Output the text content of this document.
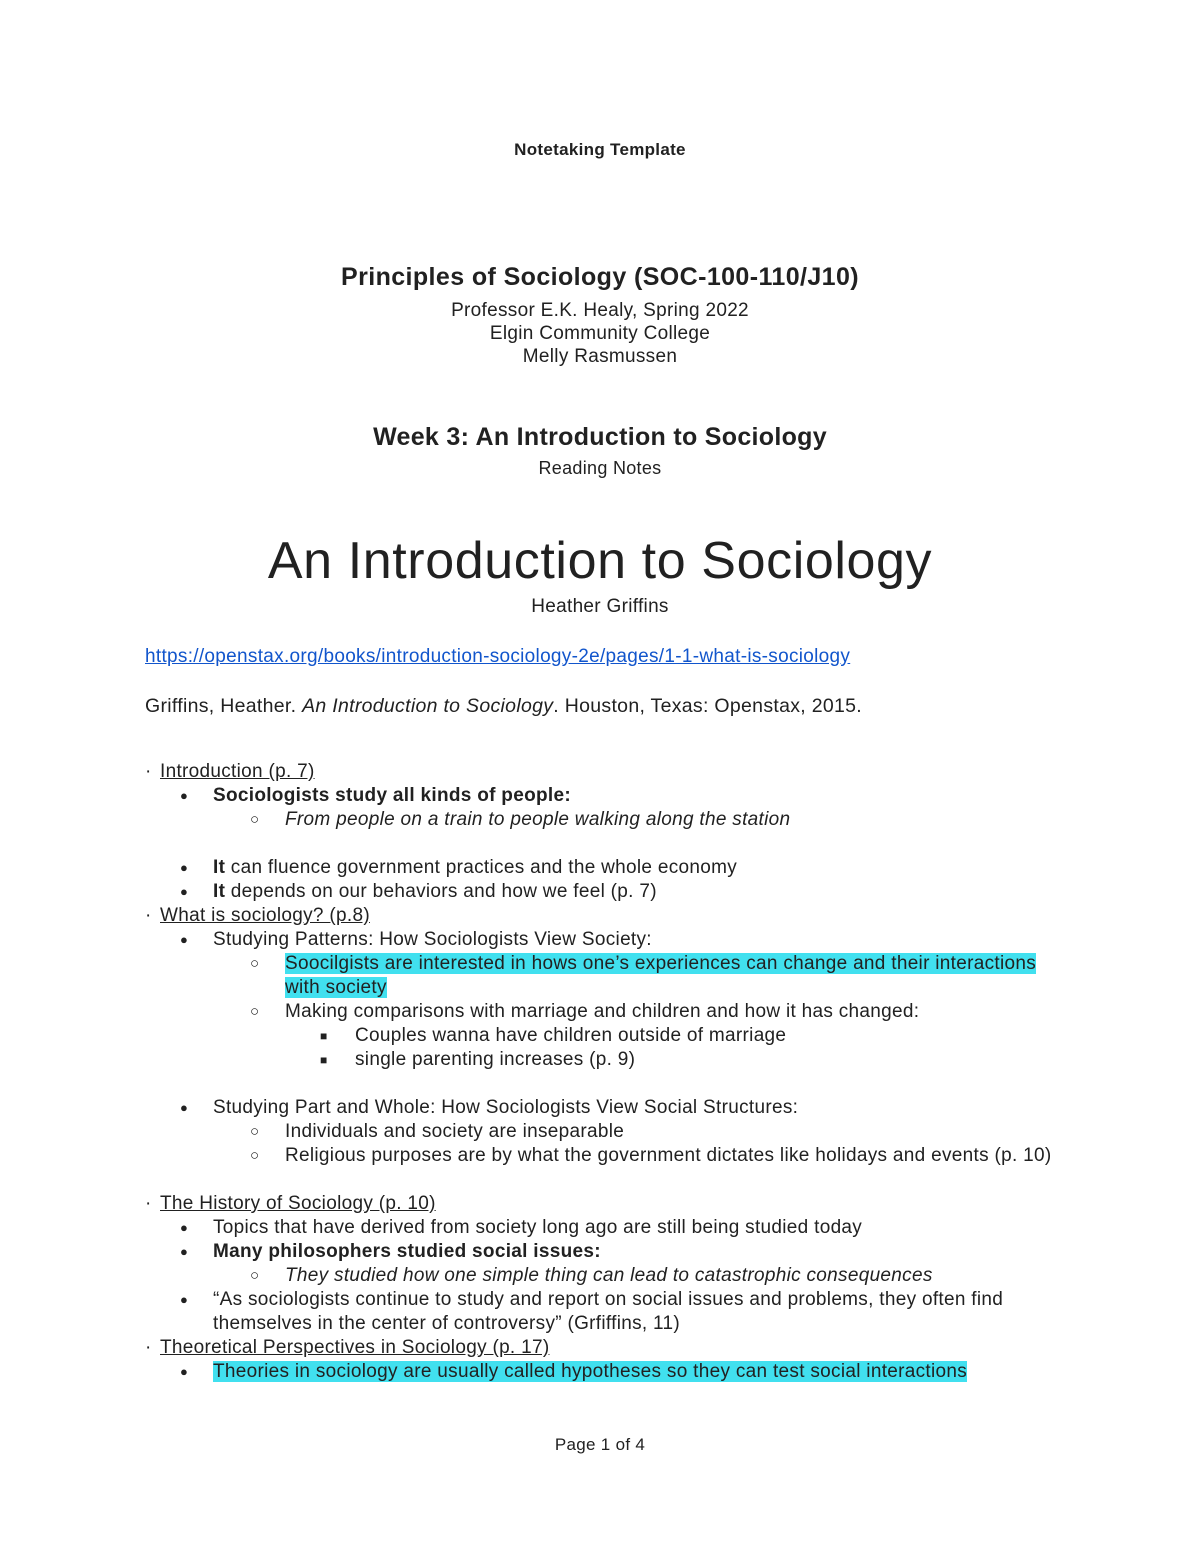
Notetaking Template
Principles of Sociology (SOC-100-110/J10)
Professor E.K. Healy, Spring 2022
Elgin Community College
Melly Rasmussen
Week 3: An Introduction to Sociology
Reading Notes
An Introduction to Sociology
Heather Griffins
https://openstax.org/books/introduction-sociology-2e/pages/1-1-what-is-sociology
Griffins, Heather. An Introduction to Sociology. Houston, Texas: Openstax, 2015.
· Introduction (p. 7)
●	Sociologists study all kinds of people:
○	From people on a train to people walking along the station
●	It can fluence government practices and the whole economy
●	It depends on our behaviors and how we feel (p. 7)
· What is sociology? (p.8)
●	Studying Patterns: How Sociologists View Society:
○	Soocilgists are interested in hows one’s experiences can change and their interactions with society
○	Making comparisons with marriage and children and how it has changed:
■	Couples wanna have children outside of marriage
■	single parenting increases (p. 9)
●	Studying Part and Whole: How Sociologists View Social Structures:
○	Individuals and society are inseparable
○	Religious purposes are by what the government dictates like holidays and events (p. 10)
· The History of Sociology (p. 10)
●	Topics that have derived from society long ago are still being studied today
●	Many philosophers studied social issues:
○	They studied how one simple thing can lead to catastrophic consequences
●	“As sociologists continue to study and report on social issues and problems, they often find themselves in the center of controversy” (Grfiffins, 11)
· Theoretical Perspectives in Sociology (p. 17)
●	Theories in sociology are usually called hypotheses so they can test social interactions
Page 1 of 4
